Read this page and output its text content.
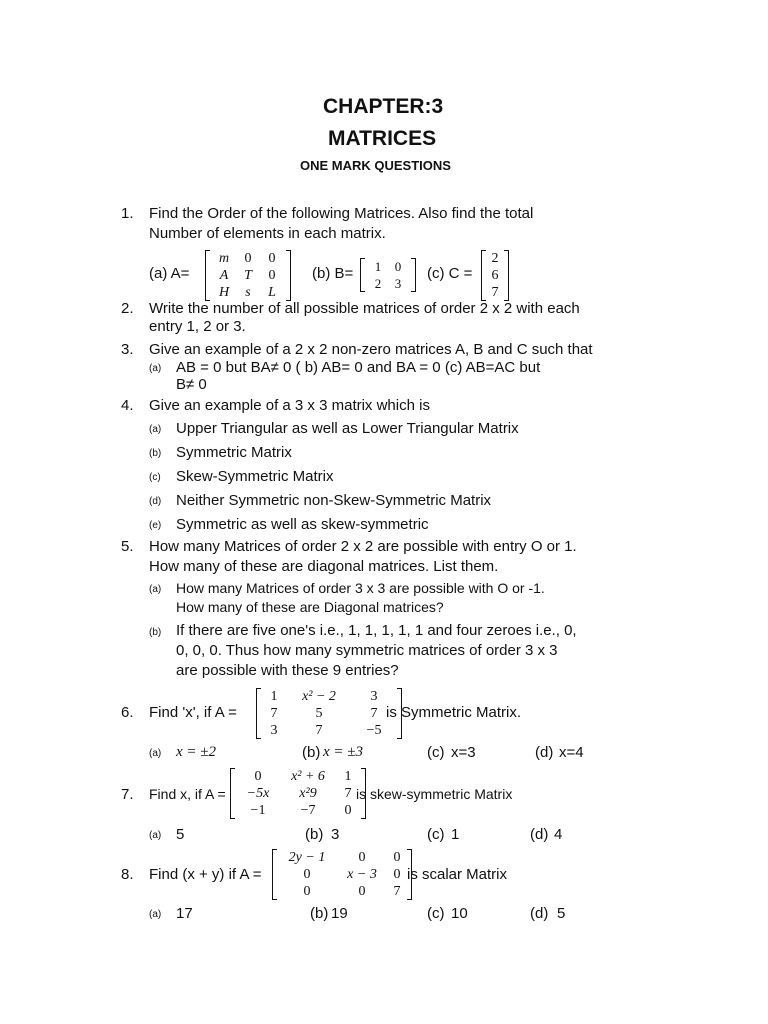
CHAPTER:3
MATRICES
ONE MARK QUESTIONS
1. Find the Order of the following Matrices. Also find the total
Number of elements in each matrix.
(a) A=
m 0 0
A T 0
H s L
(b) B= 1 0
2 3
(c) C =
2
6
7
2. Write the number of all possible matrices of order 2 x 2 with each
entry 1, 2 or 3.
3. Give an example of a 2 x 2 non-zero matrices A, B and C such that
(a) AB = 0 but BA≠ 0 ( b) AB= 0 and BA = 0 (c) AB=AC but
B≠ 0
4. Give an example of a 3 x 3 matrix which is
(a) Upper Triangular as well as Lower Triangular Matrix
(b) Symmetric Matrix
(c) Skew-Symmetric Matrix
(d) Neither Symmetric non-Skew-Symmetric Matrix
(e) Symmetric as well as skew-symmetric
5. How many Matrices of order 2 x 2 are possible with entry O or 1.
How many of these are diagonal matrices. List them.
(a) How many Matrices of order 3 x 3 are possible with O or -1.
How many of these are Diagonal matrices?
(b) If there are five one's i.e., 1, 1, 1, 1, 1 and four zeroes i.e., 0,
0, 0, 0. Thus how many symmetric matrices of order 3 x 3
are possible with these 9 entries?
6. Find 'x', if A =
1 x² − 2 3
7	5	7
3	7	−5
is Symmetric Matrix.
(a) x = ±2	(b) x = ±3	(c) x=3	(d) x=4
7. Find x, if A =
0 x² + 6 1
−5x x²9 7
−1	−7 0
is skew-symmetric Matrix
(a) 5	(b) 3	(c) 1	(d) 4
8. Find (x + y) if A =
2y − 1 0 0
0	x − 3 0
0	0 7
is scalar Matrix
(a) 17	(b) 19	(c) 10	(d) 5
